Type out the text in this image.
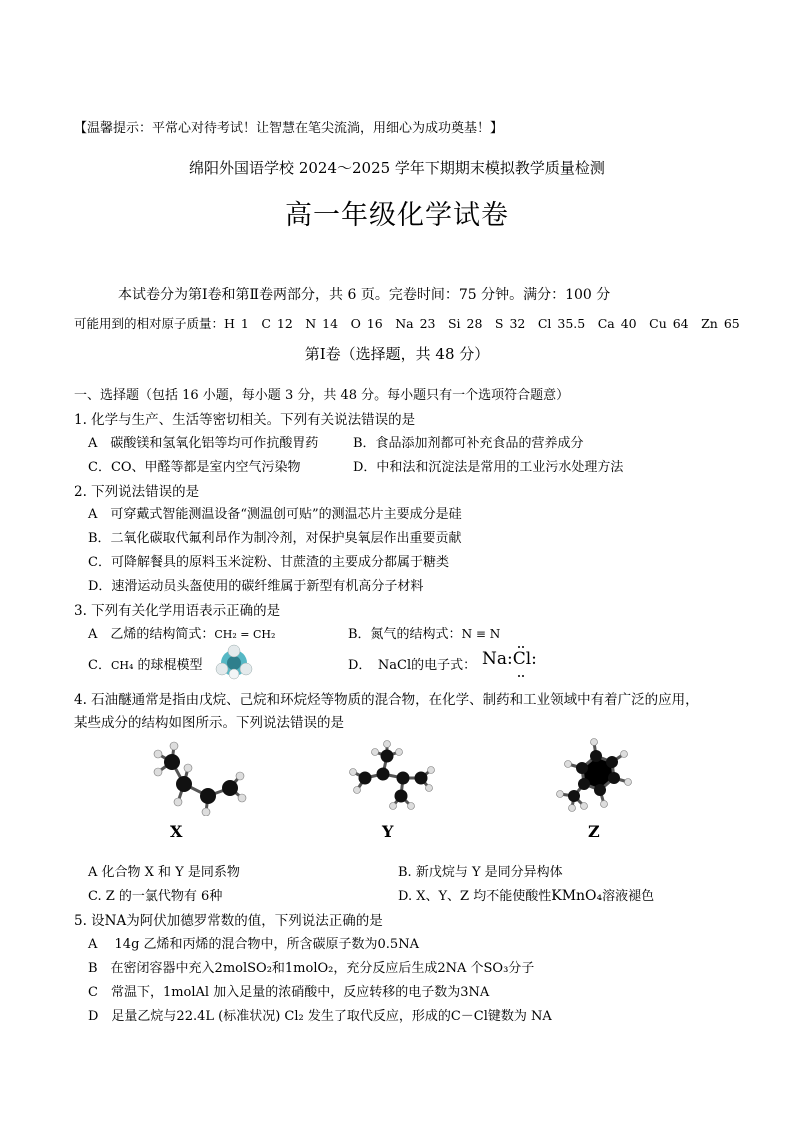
【温馨提示：平常心对待考试！让智慧在笔尖流淌，用细心为成功奠基！】
绵阳外国语学校 2024～2025 学年下期期末模拟教学质量检测
高一年级化学试卷
本试卷分为第Ⅰ卷和第Ⅱ卷两部分，共 6 页。完卷时间：75 分钟。满分：100 分
可能用到的相对原子质量：H 1　C 12　N 14　O 16　Na 23　Si 28　S 32　Cl 35.5　Ca 40　Cu 64　Zn 65
第Ⅰ卷（选择题，共 48 分）
一、选择题（包括 16 小题，每小题 3 分，共 48 分。每小题只有一个选项符合题意）
1. 化学与生产、生活等密切相关。下列有关说法错误的是
A　碳酸镁和氢氧化铝等均可作抗酸胃药	B．食品添加剂都可补充食品的营养成分
C．CO、甲醛等都是室内空气污染物	D．中和法和沉淀法是常用的工业污水处理方法
2. 下列说法错误的是
A　可穿戴式智能测温设备“测温创可贴”的测温芯片主要成分是硅
B．二氧化碳取代氟利昂作为制冷剂，对保护臭氧层作出重要贡献
C．可降解餐具的原料玉米淀粉、甘蔗渣的主要成分都属于糖类
D．速滑运动员头盔使用的碳纤维属于新型有机高分子材料
3. 下列有关化学用语表示正确的是
A　乙烯的结构简式：CH₂ = CH₂	B．氮气的结构式：N ≡ N
C．CH₄ 的球棍模型	D．　NaCl的电子式： Na:Cl:
4. 石油醚通常是指由戊烷、己烷和环烷烃等物质的混合物，在化学、制药和工业领域中有着广泛的应用，
某些成分的结构如图所示。下列说法错误的是
X	Y	Z
A 化合物 X 和 Y 是同系物	B. 新戊烷与 Y 是同分异构体
C. Z 的一氯代物有 6种	D. X、Y、Z 均不能使酸性KMnO₄溶液褪色
5. 设NA为阿伏加德罗常数的值，下列说法正确的是
A　 14g 乙烯和丙烯的混合物中，所含碳原子数为0.5NA
B　在密闭容器中充入2molSO₂和1molO₂，充分反应后生成2NA 个SO₃分子
C　常温下，1molAl 加入足量的浓硝酸中，反应转移的电子数为3NA
D　足量乙烷与22.4L (标准状况) Cl₂ 发生了取代反应，形成的C－Cl键数为 NA
